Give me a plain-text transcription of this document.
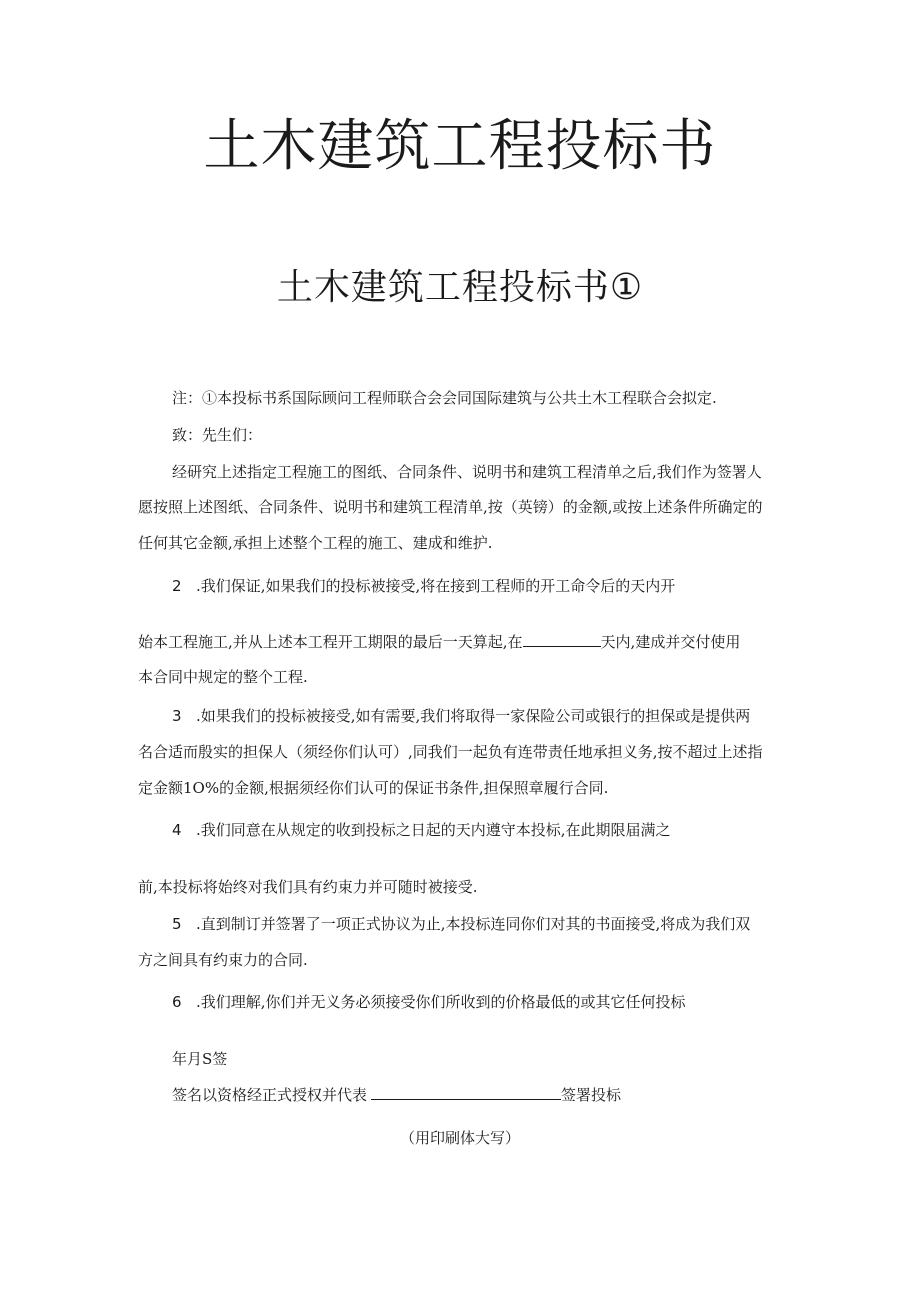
土木建筑工程投标书
土木建筑工程投标书①
注：①本投标书系国际顾问工程师联合会会同国际建筑与公共土木工程联合会拟定.
致：先生们：
经研究上述指定工程施工的图纸、合同条件、说明书和建筑工程清单之后,我们作为签署人
愿按照上述图纸、合同条件、说明书和建筑工程清单,按（英镑）的金额,或按上述条件所确定的
任何其它金额,承担上述整个工程的施工、建成和维护.
2 .我们保证,如果我们的投标被接受,将在接到工程师的开工命令后的天内开
始本工程施工,并从上述本工程开工期限的最后一天算起,在	天内,建成并交付使用
本合同中规定的整个工程.
3 .如果我们的投标被接受,如有需要,我们将取得一家保险公司或银行的担保或是提供两
名合适而殷实的担保人（须经你们认可）,同我们一起负有连带责任地承担义务,按不超过上述指
定金额1O%的金额,根据须经你们认可的保证书条件,担保照章履行合同.
4 .我们同意在从规定的收到投标之日起的天内遵守本投标,在此期限届满之
前,本投标将始终对我们具有约束力并可随时被接受.
5 .直到制订并签署了一项正式协议为止,本投标连同你们对其的书面接受,将成为我们双
方之间具有约束力的合同.
6 .我们理解,你们并无义务必须接受你们所收到的价格最低的或其它任何投标
年月S签
签名以资格经正式授权并代表	签署投标
（用印刷体大写）
